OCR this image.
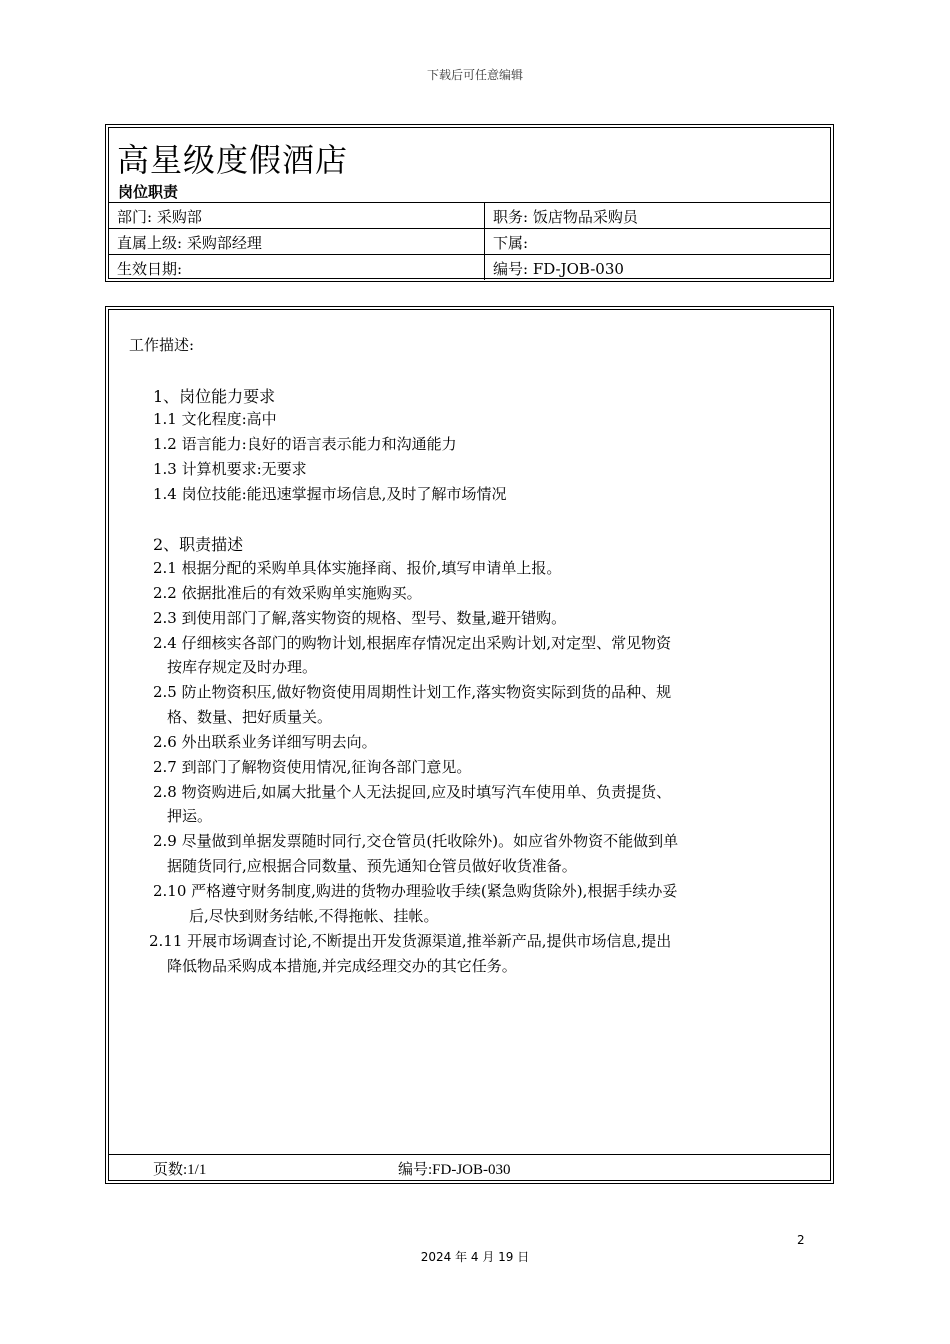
下载后可任意编辑
高星级度假酒店
岗位职责
部门: 采购部	职务: 饭店物品采购员
直属上级: 采购部经理	下属:
生效日期:	编号: FD-JOB-030
工作描述:
1、岗位能力要求
1.1 文化程度:高中
1.2 语言能力:良好的语言表示能力和沟通能力
1.3 计算机要求:无要求
1.4 岗位技能:能迅速掌握市场信息,及时了解市场情况
2、职责描述
2.1 根据分配的采购单具体实施择商、报价,填写申请单上报。
2.2 依据批准后的有效采购单实施购买。
2.3 到使用部门了解,落实物资的规格、型号、数量,避开错购。
2.4 仔细核实各部门的购物计划,根据库存情况定出采购计划,对定型、常见物资
按库存规定及时办理。
2.5 防止物资积压,做好物资使用周期性计划工作,落实物资实际到货的品种、规
格、数量、把好质量关。
2.6 外出联系业务详细写明去向。
2.7 到部门了解物资使用情况,征询各部门意见。
2.8 物资购进后,如属大批量个人无法捉回,应及时填写汽车使用单、负责提货、
押运。
2.9 尽量做到单据发票随时同行,交仓管员(托收除外)。如应省外物资不能做到单
据随货同行,应根据合同数量、预先通知仓管员做好收货准备。
2.10 严格遵守财务制度,购进的货物办理验收手续(紧急购货除外),根据手续办妥
后,尽快到财务结帐,不得拖帐、挂帐。
2.11 开展市场调查讨论,不断提出开发货源渠道,推举新产品,提供市场信息,提出
降低物品采购成本措施,并完成经理交办的其它任务。
页数:1/1	编号:FD-JOB-030
2
2024 年 4 月 19 日
